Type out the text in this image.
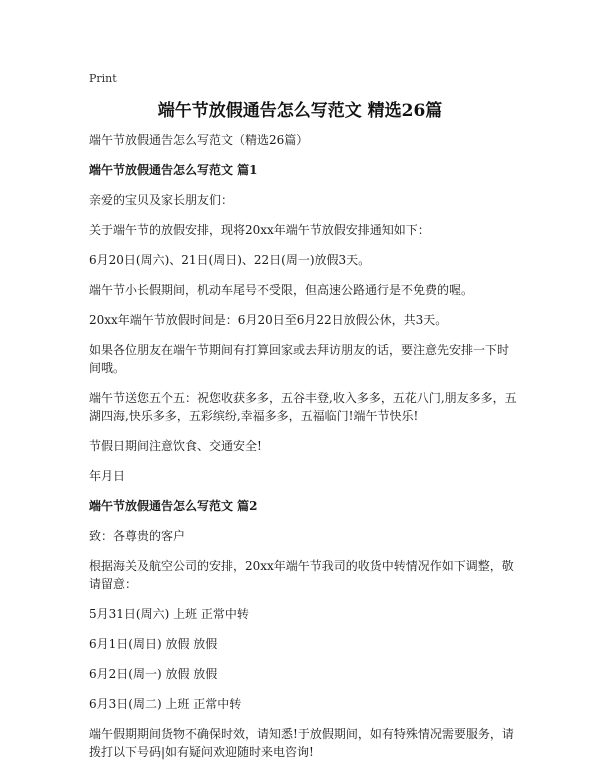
Print
端午节放假通告怎么写范文 精选26篇

端午节放假通告怎么写范文（精选26篇）

端午节放假通告怎么写范文 篇1

亲爱的宝贝及家长朋友们：

关于端午节的放假安排，现将20xx年端午节放假安排通知如下：

6月20日(周六)、21日(周日)、22日(周一)放假3天。

端午节小长假期间，机动车尾号不受限，但高速公路通行是不免费的喔。

20xx年端午节放假时间是：6月20日至6月22日放假公休，共3天。

如果各位朋友在端午节期间有打算回家或去拜访朋友的话，要注意先安排一下时间哦。

端午节送您五个五：祝您收获多多，五谷丰登,收入多多，五花八门,朋友多多，五湖四海,快乐多多，五彩缤纷,幸福多多，五福临门!端午节快乐!

节假日期间注意饮食、交通安全!

年月日

端午节放假通告怎么写范文 篇2

致：各尊贵的客户

根据海关及航空公司的安排，20xx年端午节我司的收货中转情况作如下调整，敬请留意：

5月31日(周六) 上班 正常中转

6月1日(周日) 放假 放假

6月2日(周一) 放假 放假

6月3日(周二) 上班 正常中转

端午假期期间货物不确保时效，请知悉!于放假期间，如有特殊情况需要服务，请拨打以下号码|如有疑问欢迎随时来电咨询!
